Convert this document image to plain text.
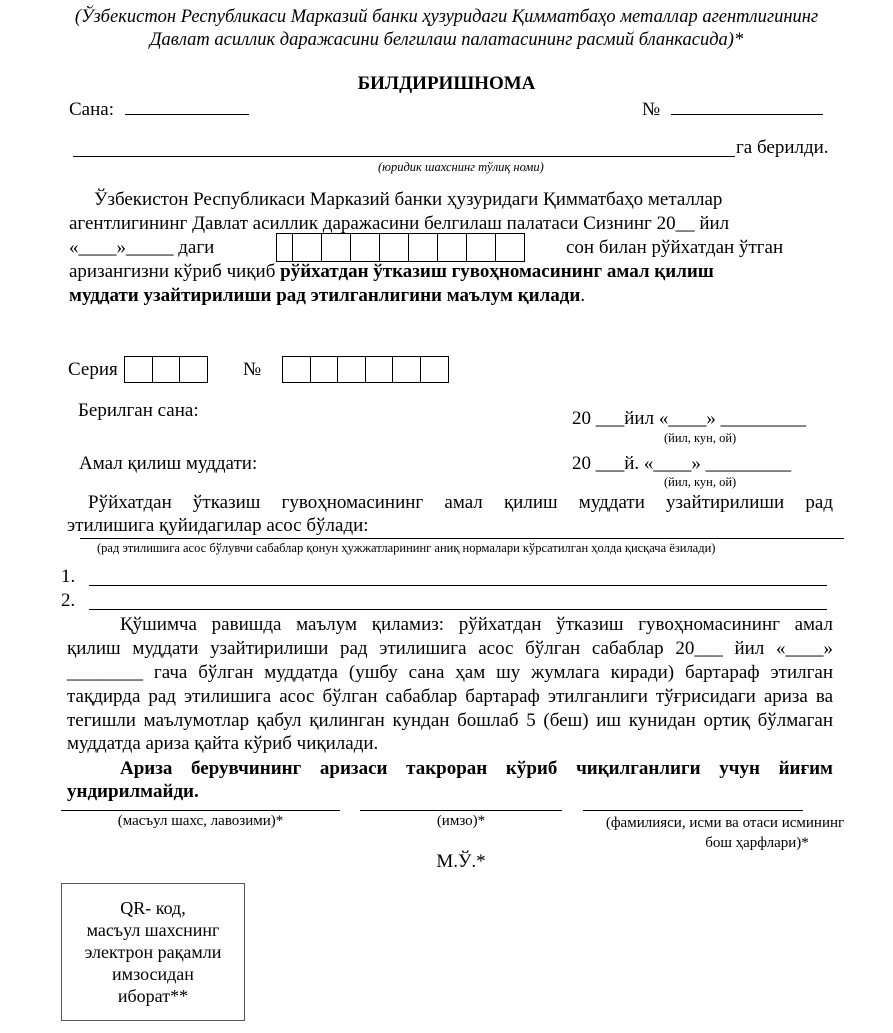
(Ўзбекистон Республикаси Марказий банки ҳузуридаги Қимматбаҳо металлар агентлигининг
Давлат асиллик даражасини белгилаш палатасининг расмий бланкасида)*
БИЛДИРИШНОМА
Сана:	№
га берилди.
(юридик шахснинг тўлиқ номи)
Ўзбекистон Республикаси Марказий банки ҳузуридаги Қимматбаҳо металлар
агентлигининг Давлат асиллик даражасини белгилаш палатаси Сизнинг 20__ йил
«____»_____ даги	сон билан рўйхатдан ўтган
аризангизни кўриб чиқиб рўйхатдан ўтказиш гувоҳномасининг амал қилиш
муддати узайтирилиши рад этилганлигини маълум қилади.
Серия	№
Берилган сана:	20 ___йил «____» _________
(йил, кун, ой)
Амал қилиш муддати:	20 ___й. «____» _________
(йил, кун, ой)
Рўйхатдан ўтказиш гувоҳномасининг амал қилиш муддати узайтирилиши рад
этилишига қуйидагилар асос бўлади:
(рад этилишига асос бўлувчи сабаблар қонун ҳужжатларининг аниқ нормалари кўрсатилган ҳолда қисқача ёзилади)
1.
2.
Қўшимча равишда маълум қиламиз: рўйхатдан ўтказиш гувоҳномасининг амал
қилиш муддати узайтирилиши рад этилишига асос бўлган сабаблар 20___ йил «____»
________ гача бўлган муддатда (ушбу сана ҳам шу жумлага киради) бартараф этилган
тақдирда рад этилишига асос бўлган сабаблар бартараф этилганлиги тўғрисидаги ариза ва
тегишли маълумотлар қабул қилинган кундан бошлаб 5 (беш) иш кунидан ортиқ бўлмаган
муддатда ариза қайта кўриб чиқилади.
Ариза берувчининг аризаси такроран кўриб чиқилганлиги учун йиғим
ундирилмайди.
(масъул шахс, лавозими)*	(имзо)*	(фамилияси, исми ва отаси исмининг
бош ҳарфлари)*
М.Ў.*
QR- код,
масъул шахснинг
электрон рақамли
имзосидан
иборат**
